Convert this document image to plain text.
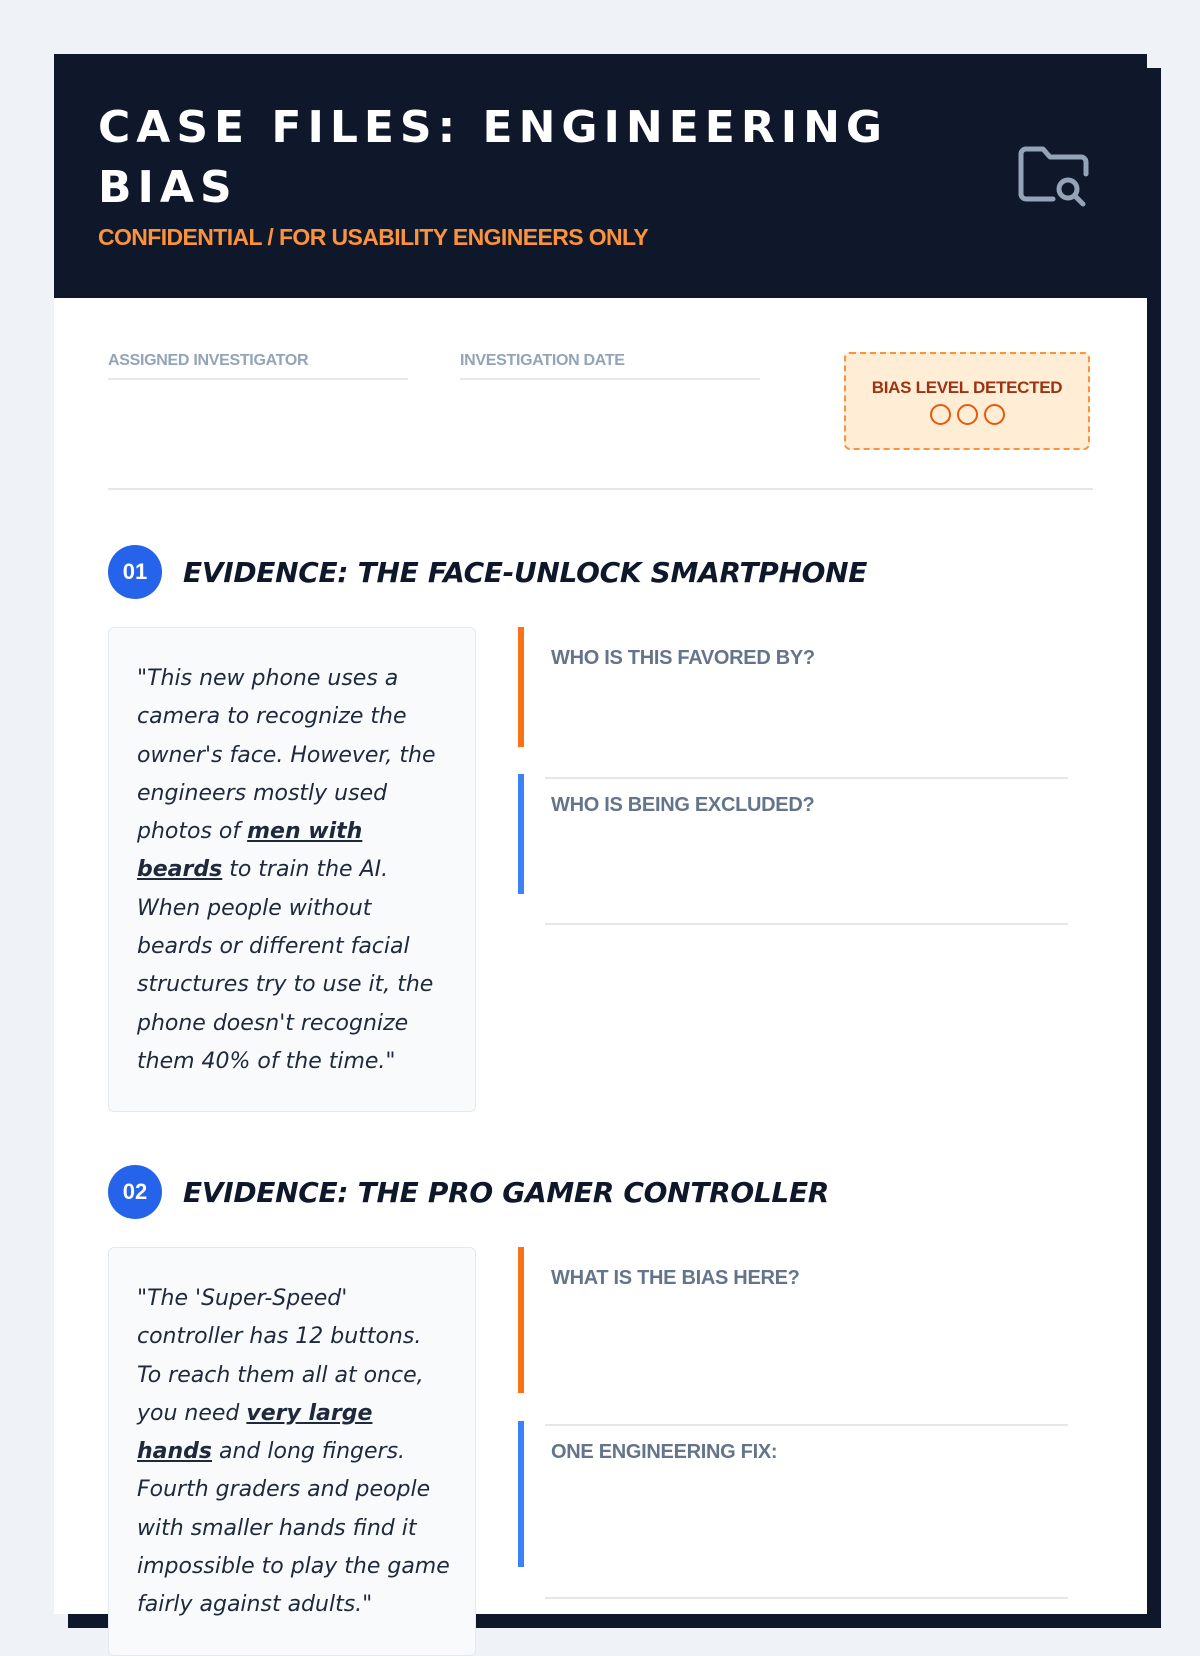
CASE FILES: ENGINEERING BIAS
CONFIDENTIAL / FOR USABILITY ENGINEERS ONLY
ASSIGNED INVESTIGATOR	INVESTIGATION DATE
BIAS LEVEL DETECTED
01	EVIDENCE: THE FACE-UNLOCK SMARTPHONE
"This new phone uses a camera to recognize the owner's face. However, the engineers mostly used photos of men with beards to train the AI. When people without beards or different facial structures try to use it, the phone doesn't recognize them 40% of the time."
WHO IS THIS FAVORED BY?
WHO IS BEING EXCLUDED?
02	EVIDENCE: THE PRO GAMER CONTROLLER
"The 'Super-Speed' controller has 12 buttons. To reach them all at once, you need very large hands and long fingers. Fourth graders and people with smaller hands find it impossible to play the game fairly against adults."
WHAT IS THE BIAS HERE?
ONE ENGINEERING FIX:
